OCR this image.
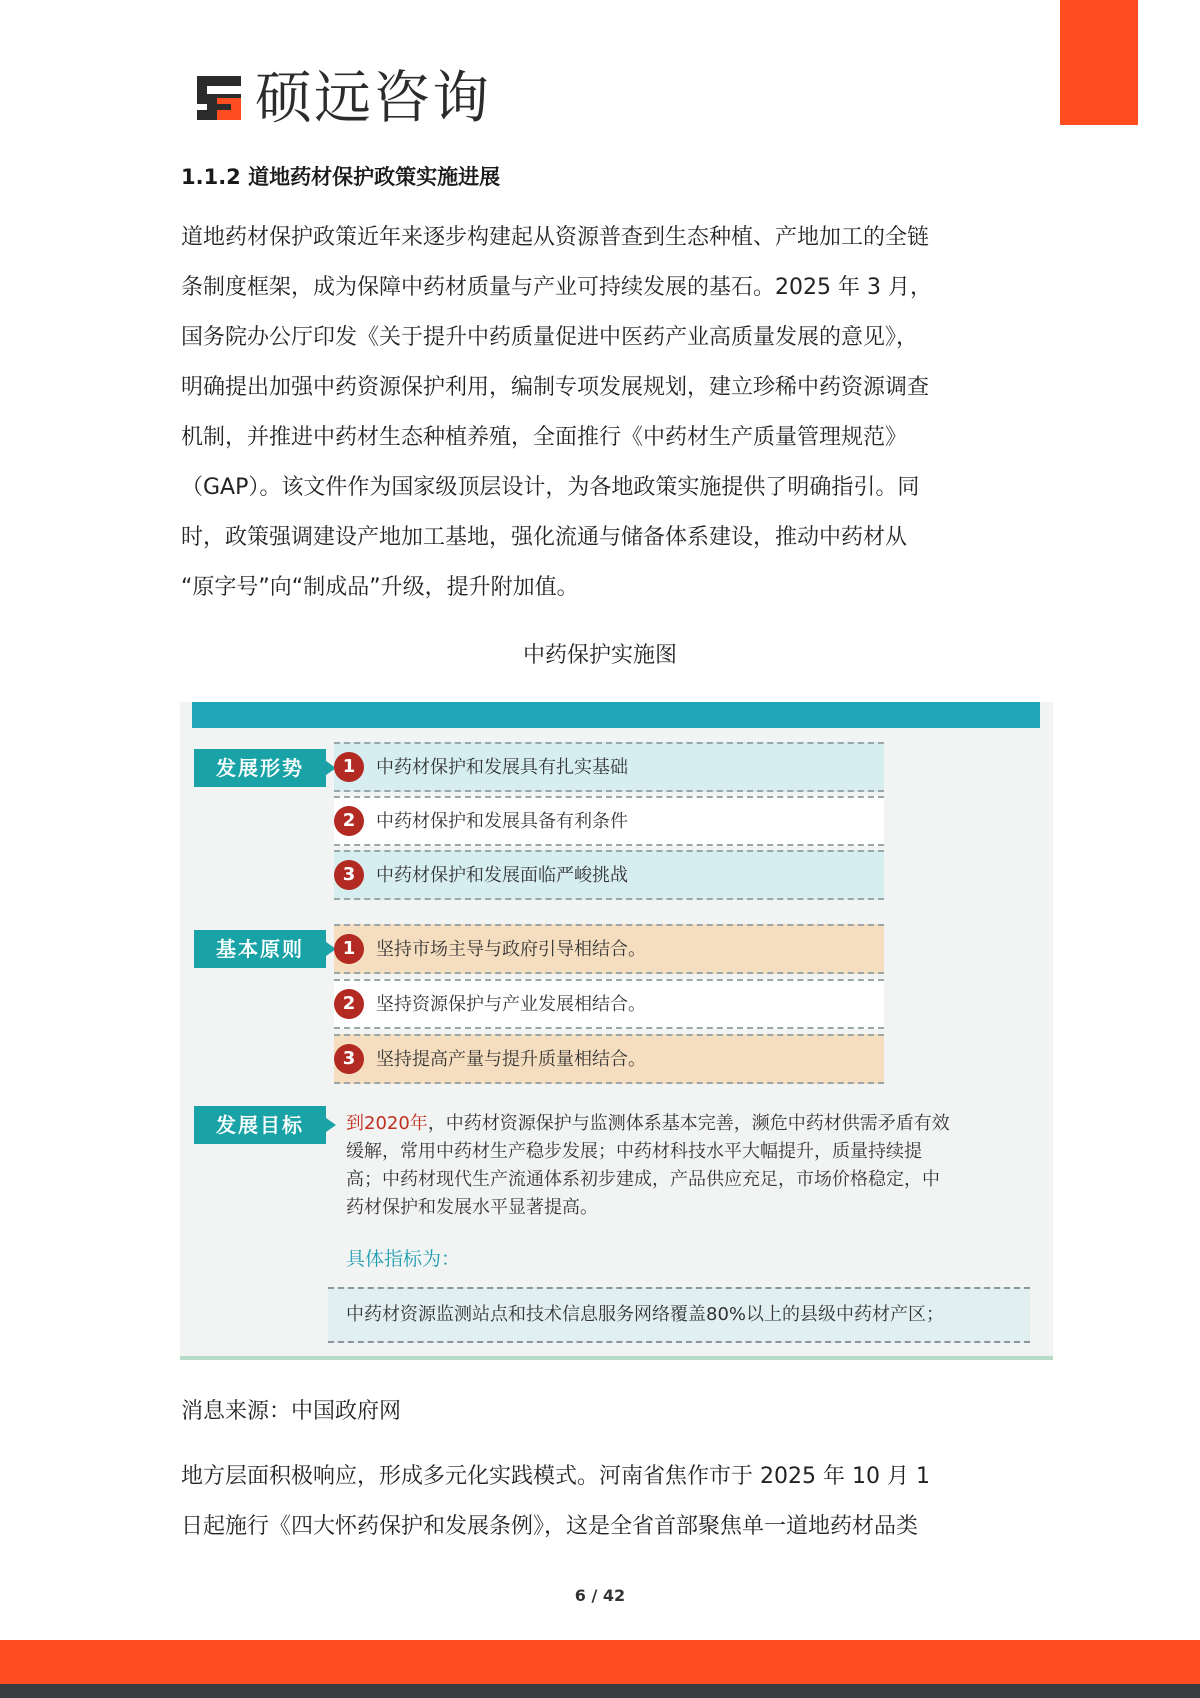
硕远咨询
1.1.2 道地药材保护政策实施进展

道地药材保护政策近年来逐步构建起从资源普查到生态种植、产地加工的全链
条制度框架，成为保障中药材质量与产业可持续发展的基石。2025 年 3 月，
国务院办公厅印发《关于提升中药质量促进中医药产业高质量发展的意见》，
明确提出加强中药资源保护利用，编制专项发展规划，建立珍稀中药资源调查
机制，并推进中药材生态种植养殖，全面推行《中药材生产质量管理规范》
（GAP）。该文件作为国家级顶层设计，为各地政策实施提供了明确指引。同
时，政策强调建设产地加工基地，强化流通与储备体系建设，推动中药材从
“原字号”向“制成品”升级，提升附加值。

中药保护实施图
发展形势	1	中药材保护和发展具有扎实基础
2	中药材保护和发展具备有利条件
3	中药材保护和发展面临严峻挑战
基本原则	1	坚持市场主导与政府引导相结合。
2	坚持资源保护与产业发展相结合。
3	坚持提高产量与提升质量相结合。
发展目标	到2020年，中药材资源保护与监测体系基本完善，濒危中药材供需矛盾有效
缓解，常用中药材生产稳步发展；中药材科技水平大幅提升，质量持续提
高；中药材现代生产流通体系初步建成，产品供应充足，市场价格稳定，中
药材保护和发展水平显著提高。

具体指标为：
中药材资源监测站点和技术信息服务网络覆盖80%以上的县级中药材产区；
消息来源：中国政府网

地方层面积极响应，形成多元化实践模式。河南省焦作市于 2025 年 10 月 1
日起施行《四大怀药保护和发展条例》，这是全省首部聚焦单一道地药材品类

6 / 42
